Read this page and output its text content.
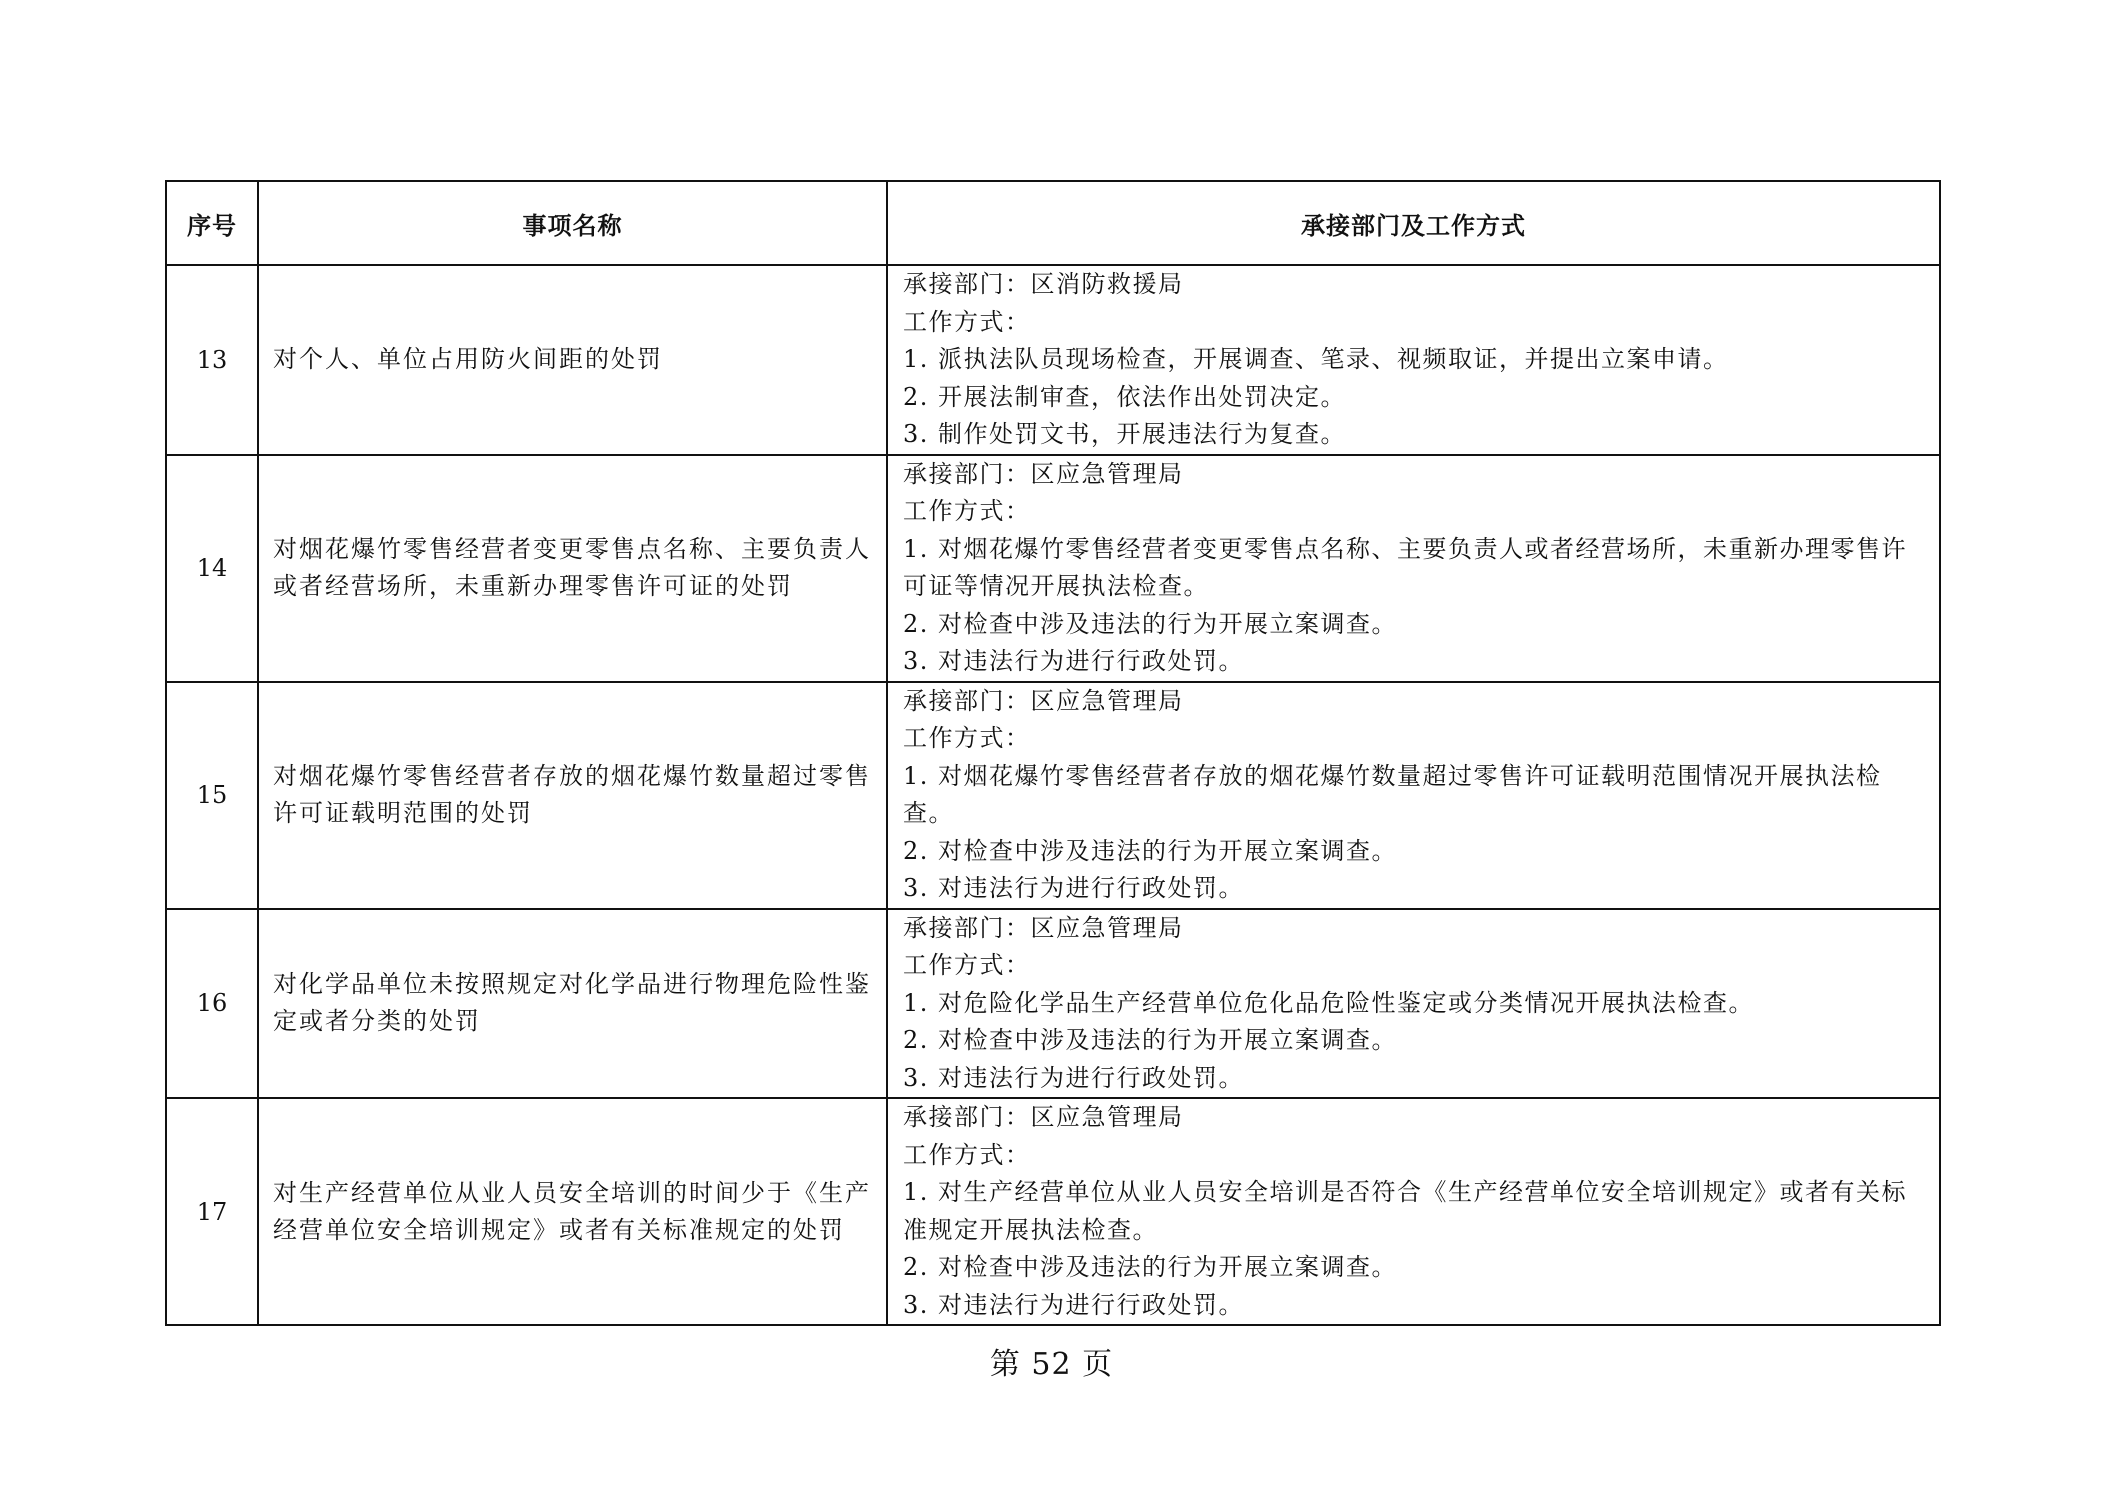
序号	事项名称	承接部门及工作方式
13	对个人、单位占用防火间距的处罚	承接部门：区消防救援局
工作方式：
1. 派执法队员现场检查，开展调查、笔录、视频取证，并提出立案申请。
2. 开展法制审查，依法作出处罚决定。
3. 制作处罚文书，开展违法行为复查。

14	对烟花爆竹零售经营者变更零售点名称、主要负责人或者经营场所，未重新办理零售许可证的处罚	承接部门：区应急管理局
工作方式：
1. 对烟花爆竹零售经营者变更零售点名称、主要负责人或者经营场所，未重新办理零售许可证等情况开展执法检查。
2. 对检查中涉及违法的行为开展立案调查。
3. 对违法行为进行行政处罚。

15	对烟花爆竹零售经营者存放的烟花爆竹数量超过零售许可证载明范围的处罚	承接部门：区应急管理局
工作方式：
1. 对烟花爆竹零售经营者存放的烟花爆竹数量超过零售许可证载明范围情况开展执法检查。
2. 对检查中涉及违法的行为开展立案调查。
3. 对违法行为进行行政处罚。

16	对化学品单位未按照规定对化学品进行物理危险性鉴定或者分类的处罚	承接部门：区应急管理局
工作方式：
1. 对危险化学品生产经营单位危化品危险性鉴定或分类情况开展执法检查。
2. 对检查中涉及违法的行为开展立案调查。
3. 对违法行为进行行政处罚。

17	对生产经营单位从业人员安全培训的时间少于《生产经营单位安全培训规定》或者有关标准规定的处罚	承接部门：区应急管理局
工作方式：
1. 对生产经营单位从业人员安全培训是否符合《生产经营单位安全培训规定》或者有关标准规定开展执法检查。
2. 对检查中涉及违法的行为开展立案调查。
3. 对违法行为进行行政处罚。
第 52 页
